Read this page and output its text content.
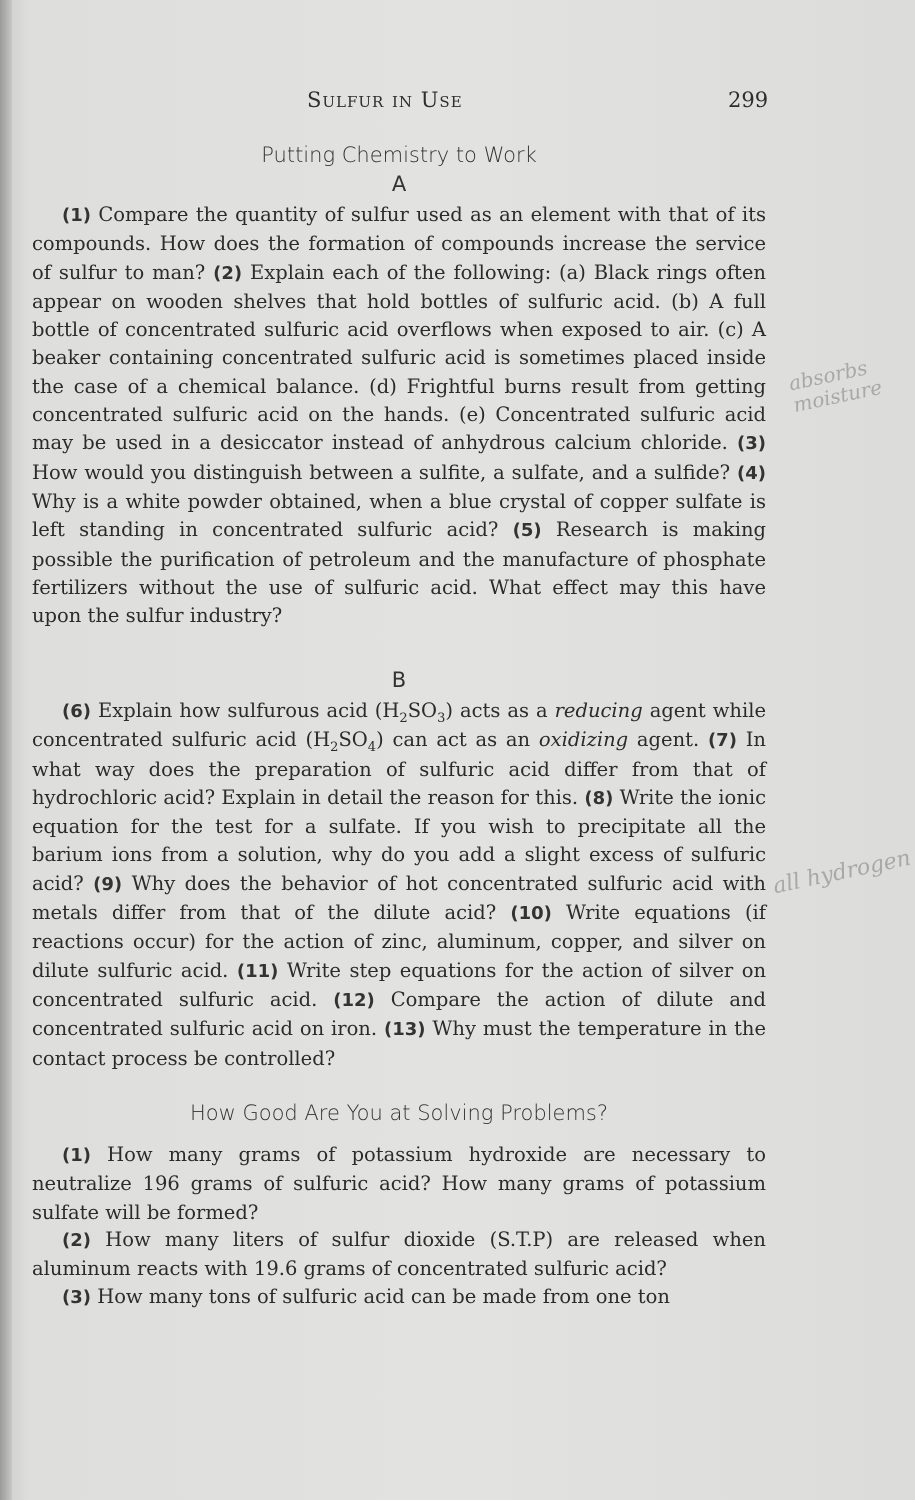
Sulfur in Use	299
Putting Chemistry to Work
A
(1) Compare the quantity of sulfur used as an element with that of its compounds. How does the formation of compounds increase the service of sulfur to man? (2) Explain each of the following: (a) Black rings often appear on wooden shelves that hold bottles of sulfuric acid. (b) A full bottle of concentrated sulfuric acid overflows when exposed to air. (c) A beaker containing concentrated sulfuric acid is sometimes placed inside the case of a chemical balance. (d) Frightful burns result from getting concentrated sulfuric acid on the hands. (e) Concentrated sulfuric acid may be used in a desiccator instead of anhydrous calcium chloride. (3) How would you distinguish between a sulfite, a sulfate, and a sulfide? (4) Why is a white powder obtained, when a blue crystal of copper sulfate is left standing in concentrated sulfuric acid? (5) Research is making possible the purification of petroleum and the manufacture of phosphate fertilizers without the use of sulfuric acid. What effect may this have upon the sulfur industry?
B
(6) Explain how sulfurous acid $(H_2SO_3)$ acts as a reducing agent while concentrated sulfuric acid $(H_2SO_4)$ can act as an oxidizing agent. (7) In what way does the preparation of sulfuric acid differ from that of hydrochloric acid? Explain in detail the reason for this. (8) Write the ionic equation for the test for a sulfate. If you wish to precipitate all the barium ions from a solution, why do you add a slight excess of sulfuric acid? (9) Why does the behavior of hot concentrated sulfuric acid with metals differ from that of the dilute acid? (10) Write equations (if reactions occur) for the action of zinc, aluminum, copper, and silver on dilute sulfuric acid. (11) Write step equations for the action of silver on concentrated sulfuric acid. (12) Compare the action of dilute and concentrated sulfuric acid on iron. (13) Why must the temperature in the contact process be controlled?
How Good Are You at Solving Problems?
(1) How many grams of potassium hydroxide are necessary to neutralize 196 grams of sulfuric acid? How many grams of potassium sulfate will be formed?
(2) How many liters of sulfur dioxide (S.T.P) are released when aluminum reacts with 19.6 grams of concentrated sulfuric acid?
(3) How many tons of sulfuric acid can be made from one ton
absorbs moisture
all hydrogen
